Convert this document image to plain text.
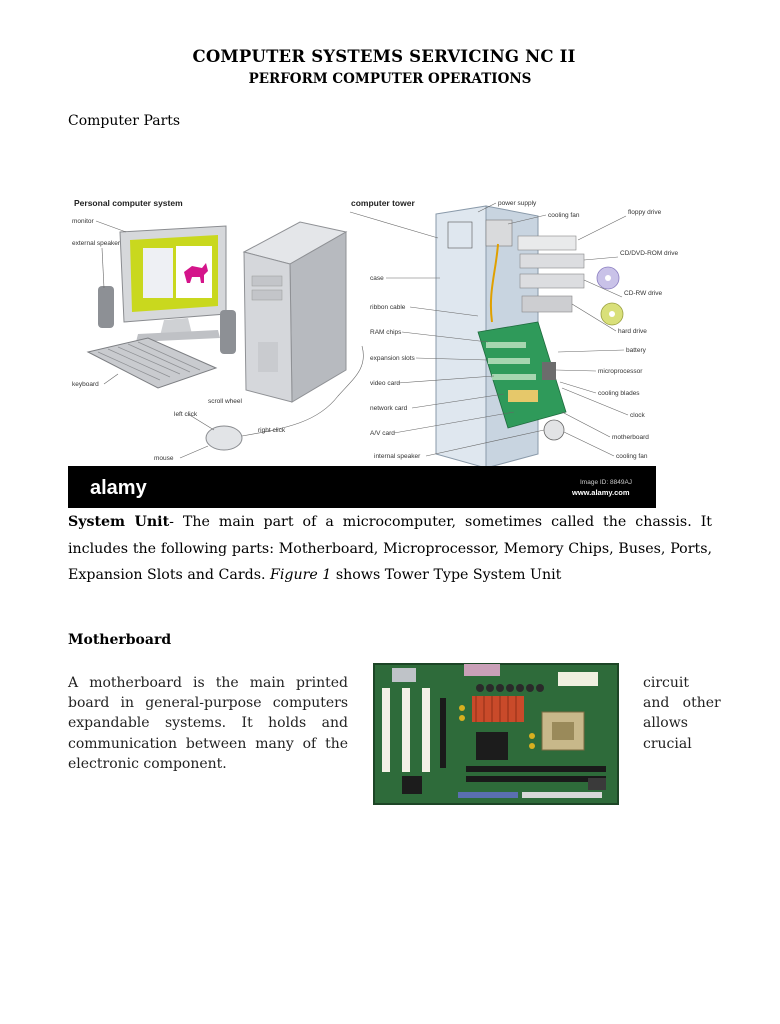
COMPUTER SYSTEMS SERVICING NC II
PERFORM COMPUTER OPERATIONS
Computer Parts
Personal computer system	computer tower
monitor
external speaker
keyboard
scroll wheel
left click
right click
mouse
case
ribbon cable
RAM chips
expansion slots
video card
network card
A/V card
internal speaker
power supply
cooling fan	floppy drive
CD/DVD-ROM drive
CD-RW drive
hard drive
battery
microprocessor
cooling blades
clock
motherboard
cooling fan
alamy	Image ID: 8849AJ
www.alamy.com
System Unit- The main part of a microcomputer, sometimes called the chassis. It includes the following parts: Motherboard, Microprocessor, Memory Chips, Buses, Ports, Expansion Slots and Cards. Figure 1 shows Tower Type System Unit
Motherboard
A motherboard is the main printed
board in general-purpose computers
expandable systems. It holds and
communication between many of the
electronic component.
circuit
and   other
allows
crucial
